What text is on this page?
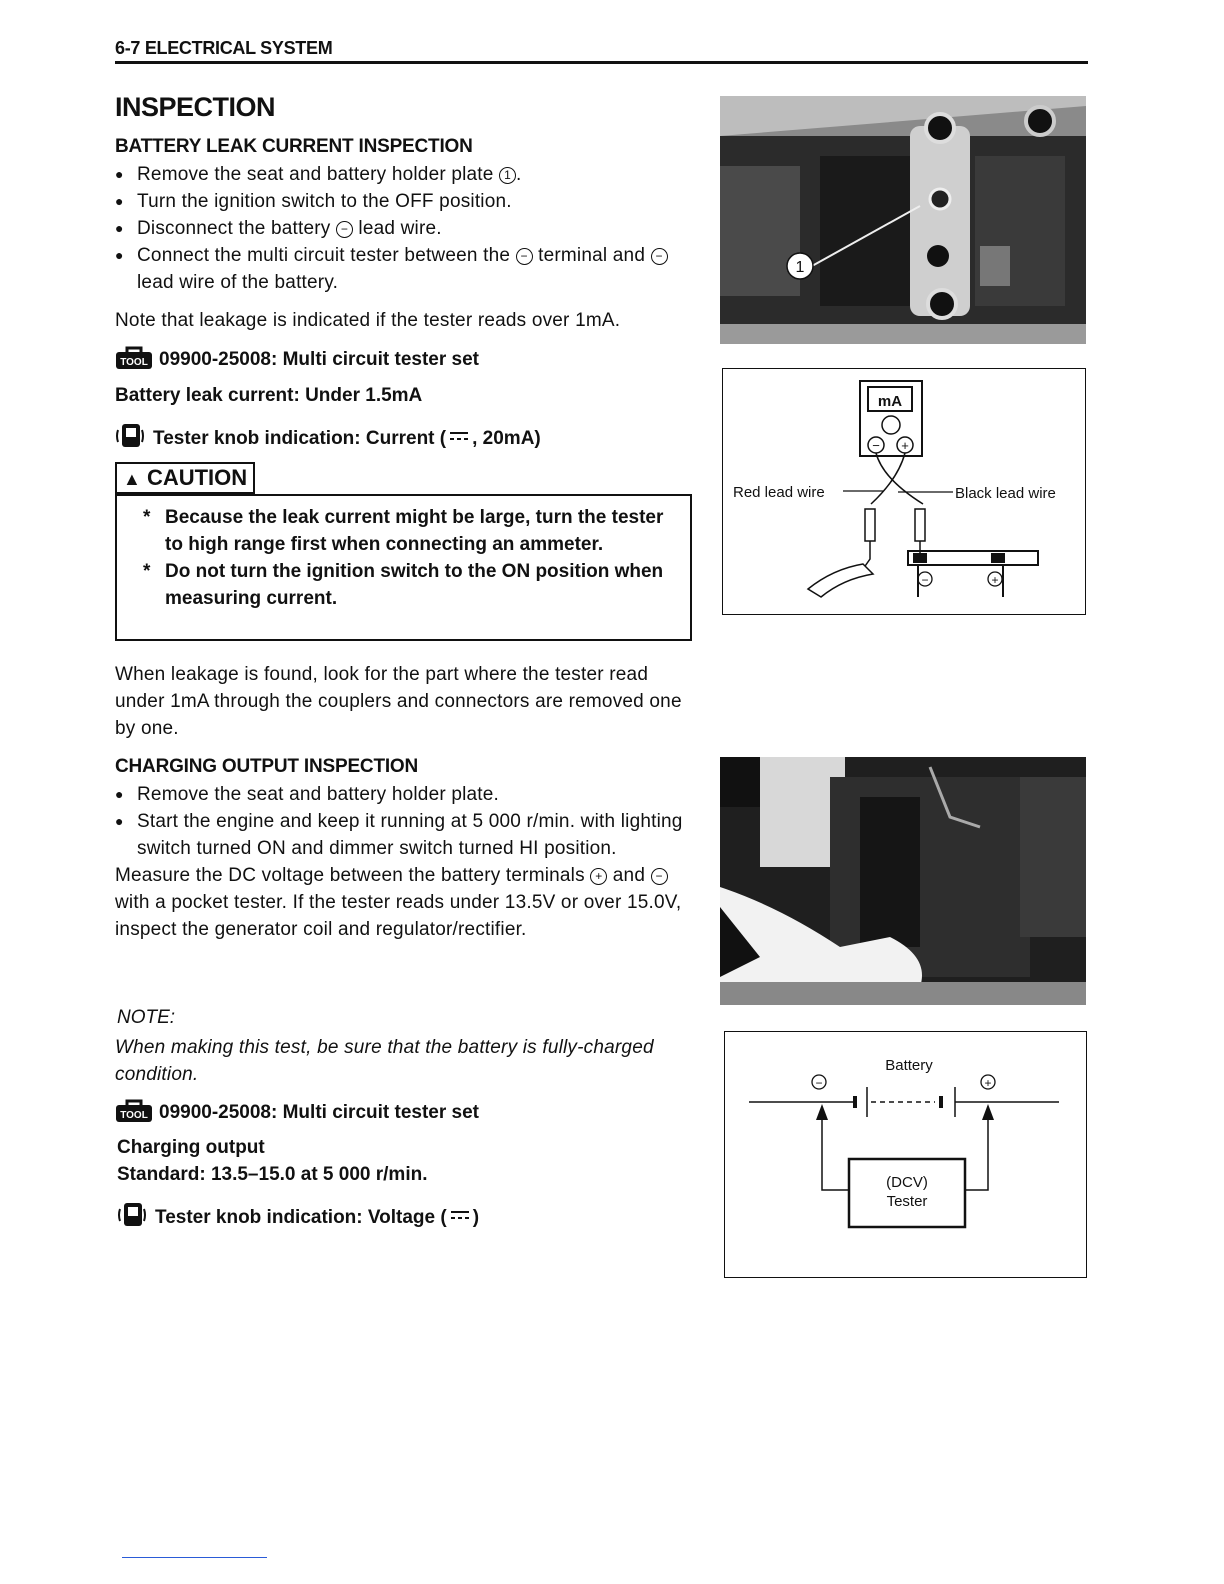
6-7 ELECTRICAL SYSTEM
INSPECTION
BATTERY LEAK CURRENT INSPECTION
● Remove the seat and battery holder plate 1 .
● Turn the ignition switch to the OFF position.
● Disconnect the battery − lead wire.
● Connect the multi circuit tester between the − terminal and − lead wire of the battery.
Note that leakage is indicated if the tester reads over 1mA.
TOOL 09900-25008: Multi circuit tester set
Battery leak current: Under 1.5mA
Tester knob indication: Current ( , 20mA)
▲ CAUTION
* Because the leak current might be large, turn the tester to high range first when connecting an ammeter.
* Do not turn the ignition switch to the ON position when measuring current.
When leakage is found, look for the part where the tester read under 1mA through the couplers and connectors are removed one by one.
CHARGING OUTPUT INSPECTION
● Remove the seat and battery holder plate.
● Start the engine and keep it running at 5 000 r/min. with lighting switch turned ON and dimmer switch turned HI position.
Measure the DC voltage between the battery terminals + and − with a pocket tester. If the tester reads under 13.5V or over 15.0V, inspect the generator coil and regulator/rectifier.
NOTE:
When making this test, be sure that the battery is fully-charged condition.
TOOL 09900-25008: Multi circuit tester set
Charging output
Standard: 13.5–15.0 at 5 000 r/min.
Tester knob indication: Voltage ( )
1
mA
− +
Red lead wire	Black lead wire
−	+
Battery
−	+
(DCV)
Tester
